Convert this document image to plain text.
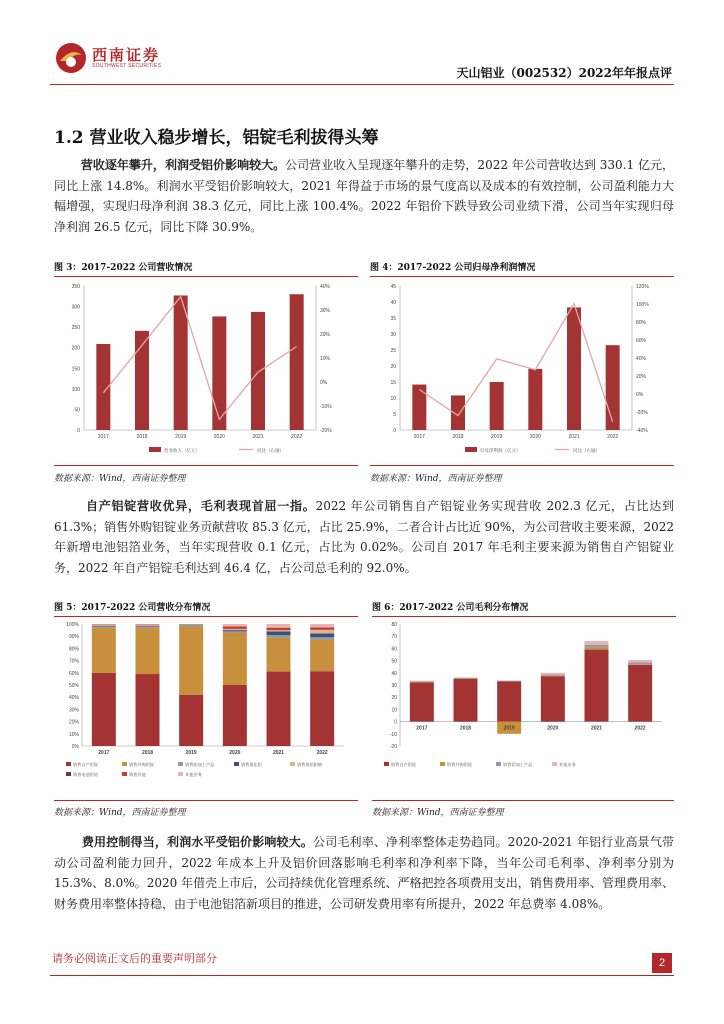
西南证券
SOUTHWEST SECURITIES	天山铝业（002532）2022年年报点评
1.2 营业收入稳步增长，铝锭毛利拔得头筹
营收逐年攀升，利润受铝价影响较大。公司营业收入呈现逐年攀升的走势，2022 年公司营收达到 330.1 亿元，同比上涨 14.8%。利润水平受铝价影响较大，2021 年得益于市场的景气度高以及成本的有效控制，公司盈利能力大幅增强，实现归母净利润 38.3 亿元，同比上涨 100.4%。2022 年铝价下跌导致公司业绩下滑，公司当年实现归母净利润 26.5 亿元，同比下降 30.9%。
图 3：2017-2022 公司营收情况	图 4：2017-2022 公司归母净利润情况
0
50
100
150
200
250
300
350
-20%
-10%
0%
10%
20%
30%
40%
2017	2018	2019	2020	2021	2022
营业收入（亿元）	同比（右轴）
0
5
10
15
20
25
30
35
40
45
-40%
-20%
0%
20%
40%
60%
80%
100%
120%
2017	2018	2019	2020	2021	2022
归母净利润（亿元）	同比（右轴）
数据来源：Wind，西南证券整理	数据来源：Wind，西南证券整理
自产铝锭营收优异，毛利表现首屈一指。2022 年公司销售自产铝锭业务实现营收 202.3 亿元，占比达到 61.3%；销售外购铝锭业务贡献营收 85.3 亿元，占比 25.9%，二者合计占比近 90%，为公司营收主要来源，2022 年新增电池铝箔业务，当年实现营收 0.1 亿元，占比为 0.02%。公司自 2017 年毛利主要来源为销售自产铝锭业务，2022 年自产铝锭毛利达到 46.4 亿，占公司总毛利的 92.0%。
图 5：2017-2022 公司营收分布情况	图 6：2017-2022 公司毛利分布情况
0%
10%
20%
30%
40%
50%
60%
70%
80%
90%
100%
2017	2018	2019	2020	2021	2022
销售自产铝锭	销售外购铝锭	销售铝加工产品	销售氧化铝	销售预焙阳极
销售电池铝箔	销售其他	其他业务
-20
-10
0
10
20
30
40
50
60
70
80
2017	2018	2019	2020	2021	2022
销售自产铝锭	销售外购铝锭	销售铝加工产品	其他业务
数据来源：Wind，西南证券整理	数据来源：Wind，西南证券整理
费用控制得当，利润水平受铝价影响较大。公司毛利率、净利率整体走势趋同。2020-2021 年铝行业高景气带动公司盈利能力回升，2022 年成本上升及铝价回落影响毛利率和净利率下降，当年公司毛利率、净利率分别为 15.3%、8.0%。2020 年借壳上市后，公司持续优化管理系统、严格把控各项费用支出，销售费用率、管理费用率、财务费用率整体持稳，由于电池铝箔新项目的推进，公司研发费用率有所提升，2022 年总费率 4.08%。
请务必阅读正文后的重要声明部分	2
